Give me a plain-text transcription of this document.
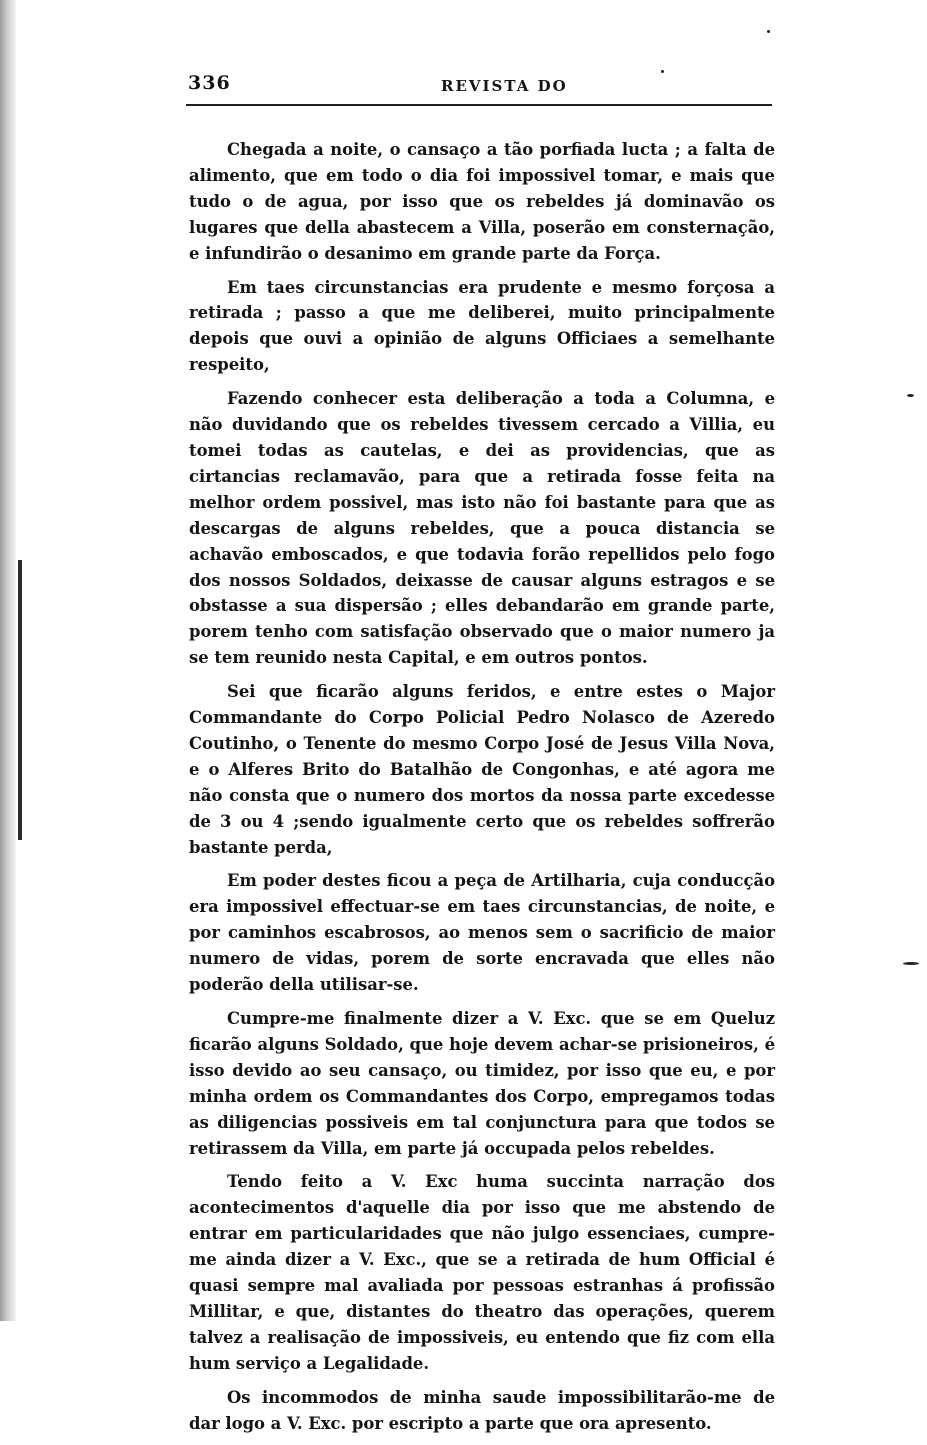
336	REVISTA DO

Chegada a noite, o cansaço a tão porfiada lucta ; a falta de alimento, que em todo o dia foi impossivel tomar, e mais que tudo o de agua, por isso que os rebeldes já dominavão os lugares que della abastecem a Villa, poserão em consternação, e infundirão o desanimo em grande parte da Força.

Em taes circunstancias era prudente e mesmo forçosa a retirada ; passo a que me deliberei, muito principalmente depois que ouvi a opinião de alguns Officiaes a semelhante respeito,

Fazendo conhecer esta deliberação a toda a Columna, e não duvidando que os rebeldes tivessem cercado a Villia, eu tomei todas as cautelas, e dei as providencias, que as cirtancias reclamavão, para que a retirada fosse feita na melhor ordem possivel, mas isto não foi bastante para que as descargas de alguns rebeldes, que a pouca distancia se achavão emboscados, e que todavia forão repellidos pelo fogo dos nossos Soldados, deixasse de causar alguns estragos e se obstasse a sua dispersão ; elles debandarão em grande parte, porem tenho com satisfação observado que o maior numero ja se tem reunido nesta Capital, e em outros pontos.

Sei que ficarão alguns feridos, e entre estes o Major Commandante do Corpo Policial Pedro Nolasco de Azeredo Coutinho, o Tenente do mesmo Corpo José de Jesus Villa Nova, e o Alferes Brito do Batalhão de Congonhas, e até agora me não consta que o numero dos mortos da nossa parte excedesse de 3 ou 4 ;sendo igualmente certo que os rebeldes soffrerão bastante perda,

Em poder destes ficou a peça de Artilharia, cuja conducção era impossivel effectuar-se em taes circunstancias, de noite, e por caminhos escabrosos, ao menos sem o sacrificio de maior numero de vidas, porem de sorte encravada que elles não poderão della utilisar-se.

Cumpre-me finalmente dizer a V. Exc. que se em Queluz ficarão alguns Soldado, que hoje devem achar-se prisioneiros, é isso devido ao seu cansaço, ou timidez, por isso que eu, e por minha ordem os Commandantes dos Corpo, empregamos todas as diligencias possiveis em tal conjunctura para que todos se retirassem da Villa, em parte já occupada pelos rebeldes.

Tendo feito a V. Exc huma succinta narração dos acontecimentos d'aquelle dia por isso que me abstendo de entrar em particularidades que não julgo essenciaes, cumpre-me ainda dizer a V. Exc., que se a retirada de hum Official é quasi sempre mal avaliada por pessoas estranhas á profissão Millitar, e que, distantes do theatro das operações, querem talvez a realisação de impossiveis, eu entendo que fiz com ella hum serviço a Legalidade.

Os incommodos de minha saude impossibilitarão-me de dar logo a V. Exc. por escripto a parte que ora apresento.
